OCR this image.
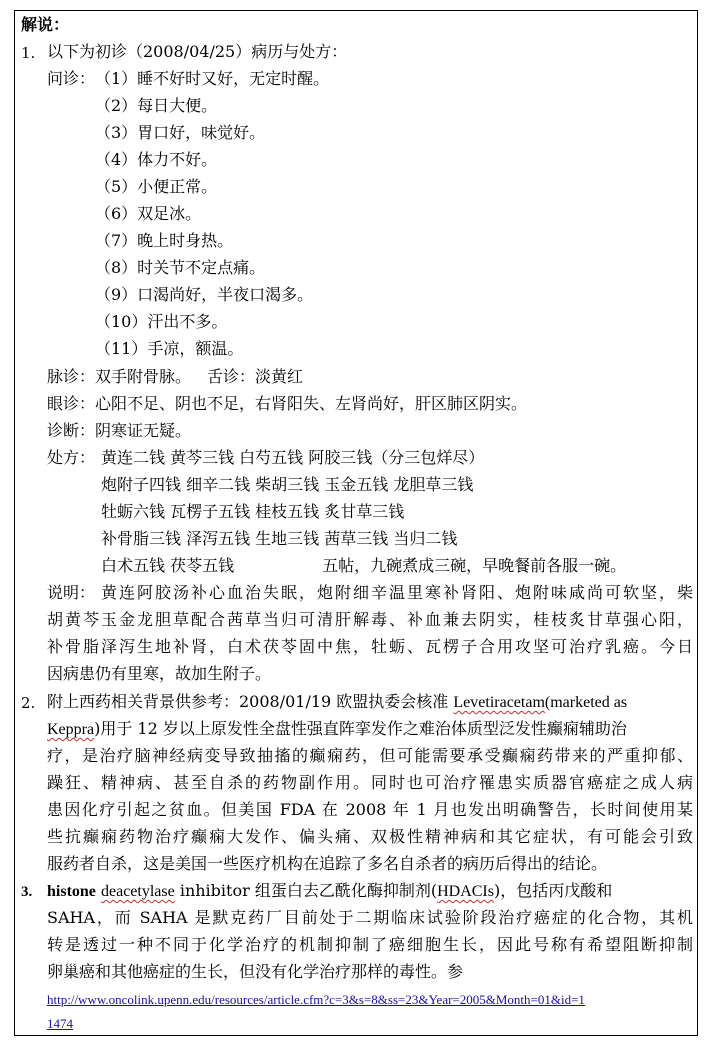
解说：
1. 以下为初诊（2008/04/25）病历与处方：
问诊： （1）睡不好时又好，无定时醒。
（2）每日大便。
（3）胃口好，味觉好。
（4）体力不好。
（5）小便正常。
（6）双足冰。
（7）晚上时身热。
（8）时关节不定点痛。
（9）口渴尚好，半夜口渴多。
（10）汗出不多。
（11）手凉，额温。
脉诊：双手附骨脉。 舌诊：淡黄红
眼诊：心阳不足、阴也不足，右肾阳失、左肾尚好，肝区肺区阴实。
诊断：阴寒证无疑。
处方： 黄连二钱 黄芩三钱 白芍五钱 阿胶三钱（分三包烊尽）
炮附子四钱 细辛二钱 柴胡三钱 玉金五钱 龙胆草三钱
牡蛎六钱 瓦楞子五钱 桂枝五钱 炙甘草三钱
补骨脂三钱 泽泻五钱 生地三钱 茜草三钱 当归二钱
白术五钱 茯苓五钱	五帖，九碗煮成三碗，早晚餐前各服一碗。
说明： 黄连阿胶汤补心血治失眠，炮附细辛温里寒补肾阳、炮附味咸尚可软坚，柴
胡黄芩玉金龙胆草配合茜草当归可清肝解毒、补血兼去阴实，桂枝炙甘草强心阳，
补骨脂泽泻生地补肾，白术茯苓固中焦，牡蛎、瓦楞子合用攻坚可治疗乳癌。今日
因病患仍有里寒，故加生附子。
2. 附上西药相关背景供参考：2008/01/19 欧盟执委会核准 Levetiracetam(marketed as
Keppra)用于 12 岁以上原发性全盘性强直阵挛发作之难治体质型泛发性癫痫辅助治
疗，是治疗脑神经病变导致抽搐的癫痫药，但可能需要承受癫痫药带来的严重抑郁、
躁狂、精神病、甚至自杀的药物副作用。同时也可治疗罹患实质器官癌症之成人病
患因化疗引起之贫血。但美国 FDA 在 2008 年 1 月也发出明确警告，长时间使用某
些抗癫痫药物治疗癫痫大发作、偏头痛、双极性精神病和其它症状，有可能会引致
服药者自杀，这是美国一些医疗机构在追踪了多名自杀者的病历后得出的结论。
3. histone deacetylase inhibitor 组蛋白去乙酰化酶抑制剂(HDACIs)，包括丙戊酸和
SAHA，而 SAHA 是默克药厂目前处于二期临床试验阶段治疗癌症的化合物，其机
转是透过一种不同于化学治疗的机制抑制了癌细胞生长，因此号称有希望阻断抑制
卵巢癌和其他癌症的生长，但没有化学治疗那样的毒性。参
http://www.oncolink.upenn.edu/resources/article.cfm?c=3&s=8&ss=23&Year=2005&Month=01&id=1
1474
